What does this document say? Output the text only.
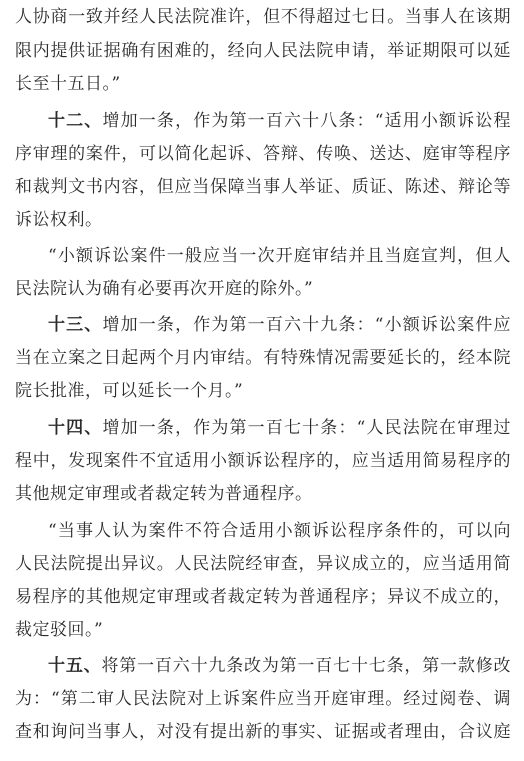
人协商一致并经人民法院准许，但不得超过七日。当事人在该期
限内提供证据确有困难的，经向人民法院申请，举证期限可以延
长至十五日。”
十二、增加一条，作为第一百六十八条：“适用小额诉讼程
序审理的案件，可以简化起诉、答辩、传唤、送达、庭审等程序
和裁判文书内容，但应当保障当事人举证、质证、陈述、辩论等
诉讼权利。
“小额诉讼案件一般应当一次开庭审结并且当庭宣判，但人
民法院认为确有必要再次开庭的除外。”
十三、增加一条，作为第一百六十九条：“小额诉讼案件应
当在立案之日起两个月内审结。有特殊情况需要延长的，经本院
院长批准，可以延长一个月。”
十四、增加一条，作为第一百七十条：“人民法院在审理过
程中，发现案件不宜适用小额诉讼程序的，应当适用简易程序的
其他规定审理或者裁定转为普通程序。
“当事人认为案件不符合适用小额诉讼程序条件的，可以向
人民法院提出异议。人民法院经审查，异议成立的，应当适用简
易程序的其他规定审理或者裁定转为普通程序；异议不成立的，
裁定驳回。”
十五、将第一百六十九条改为第一百七十七条，第一款修改
为：“第二审人民法院对上诉案件应当开庭审理。经过阅卷、调
查和询问当事人，对没有提出新的事实、证据或者理由，合议庭
